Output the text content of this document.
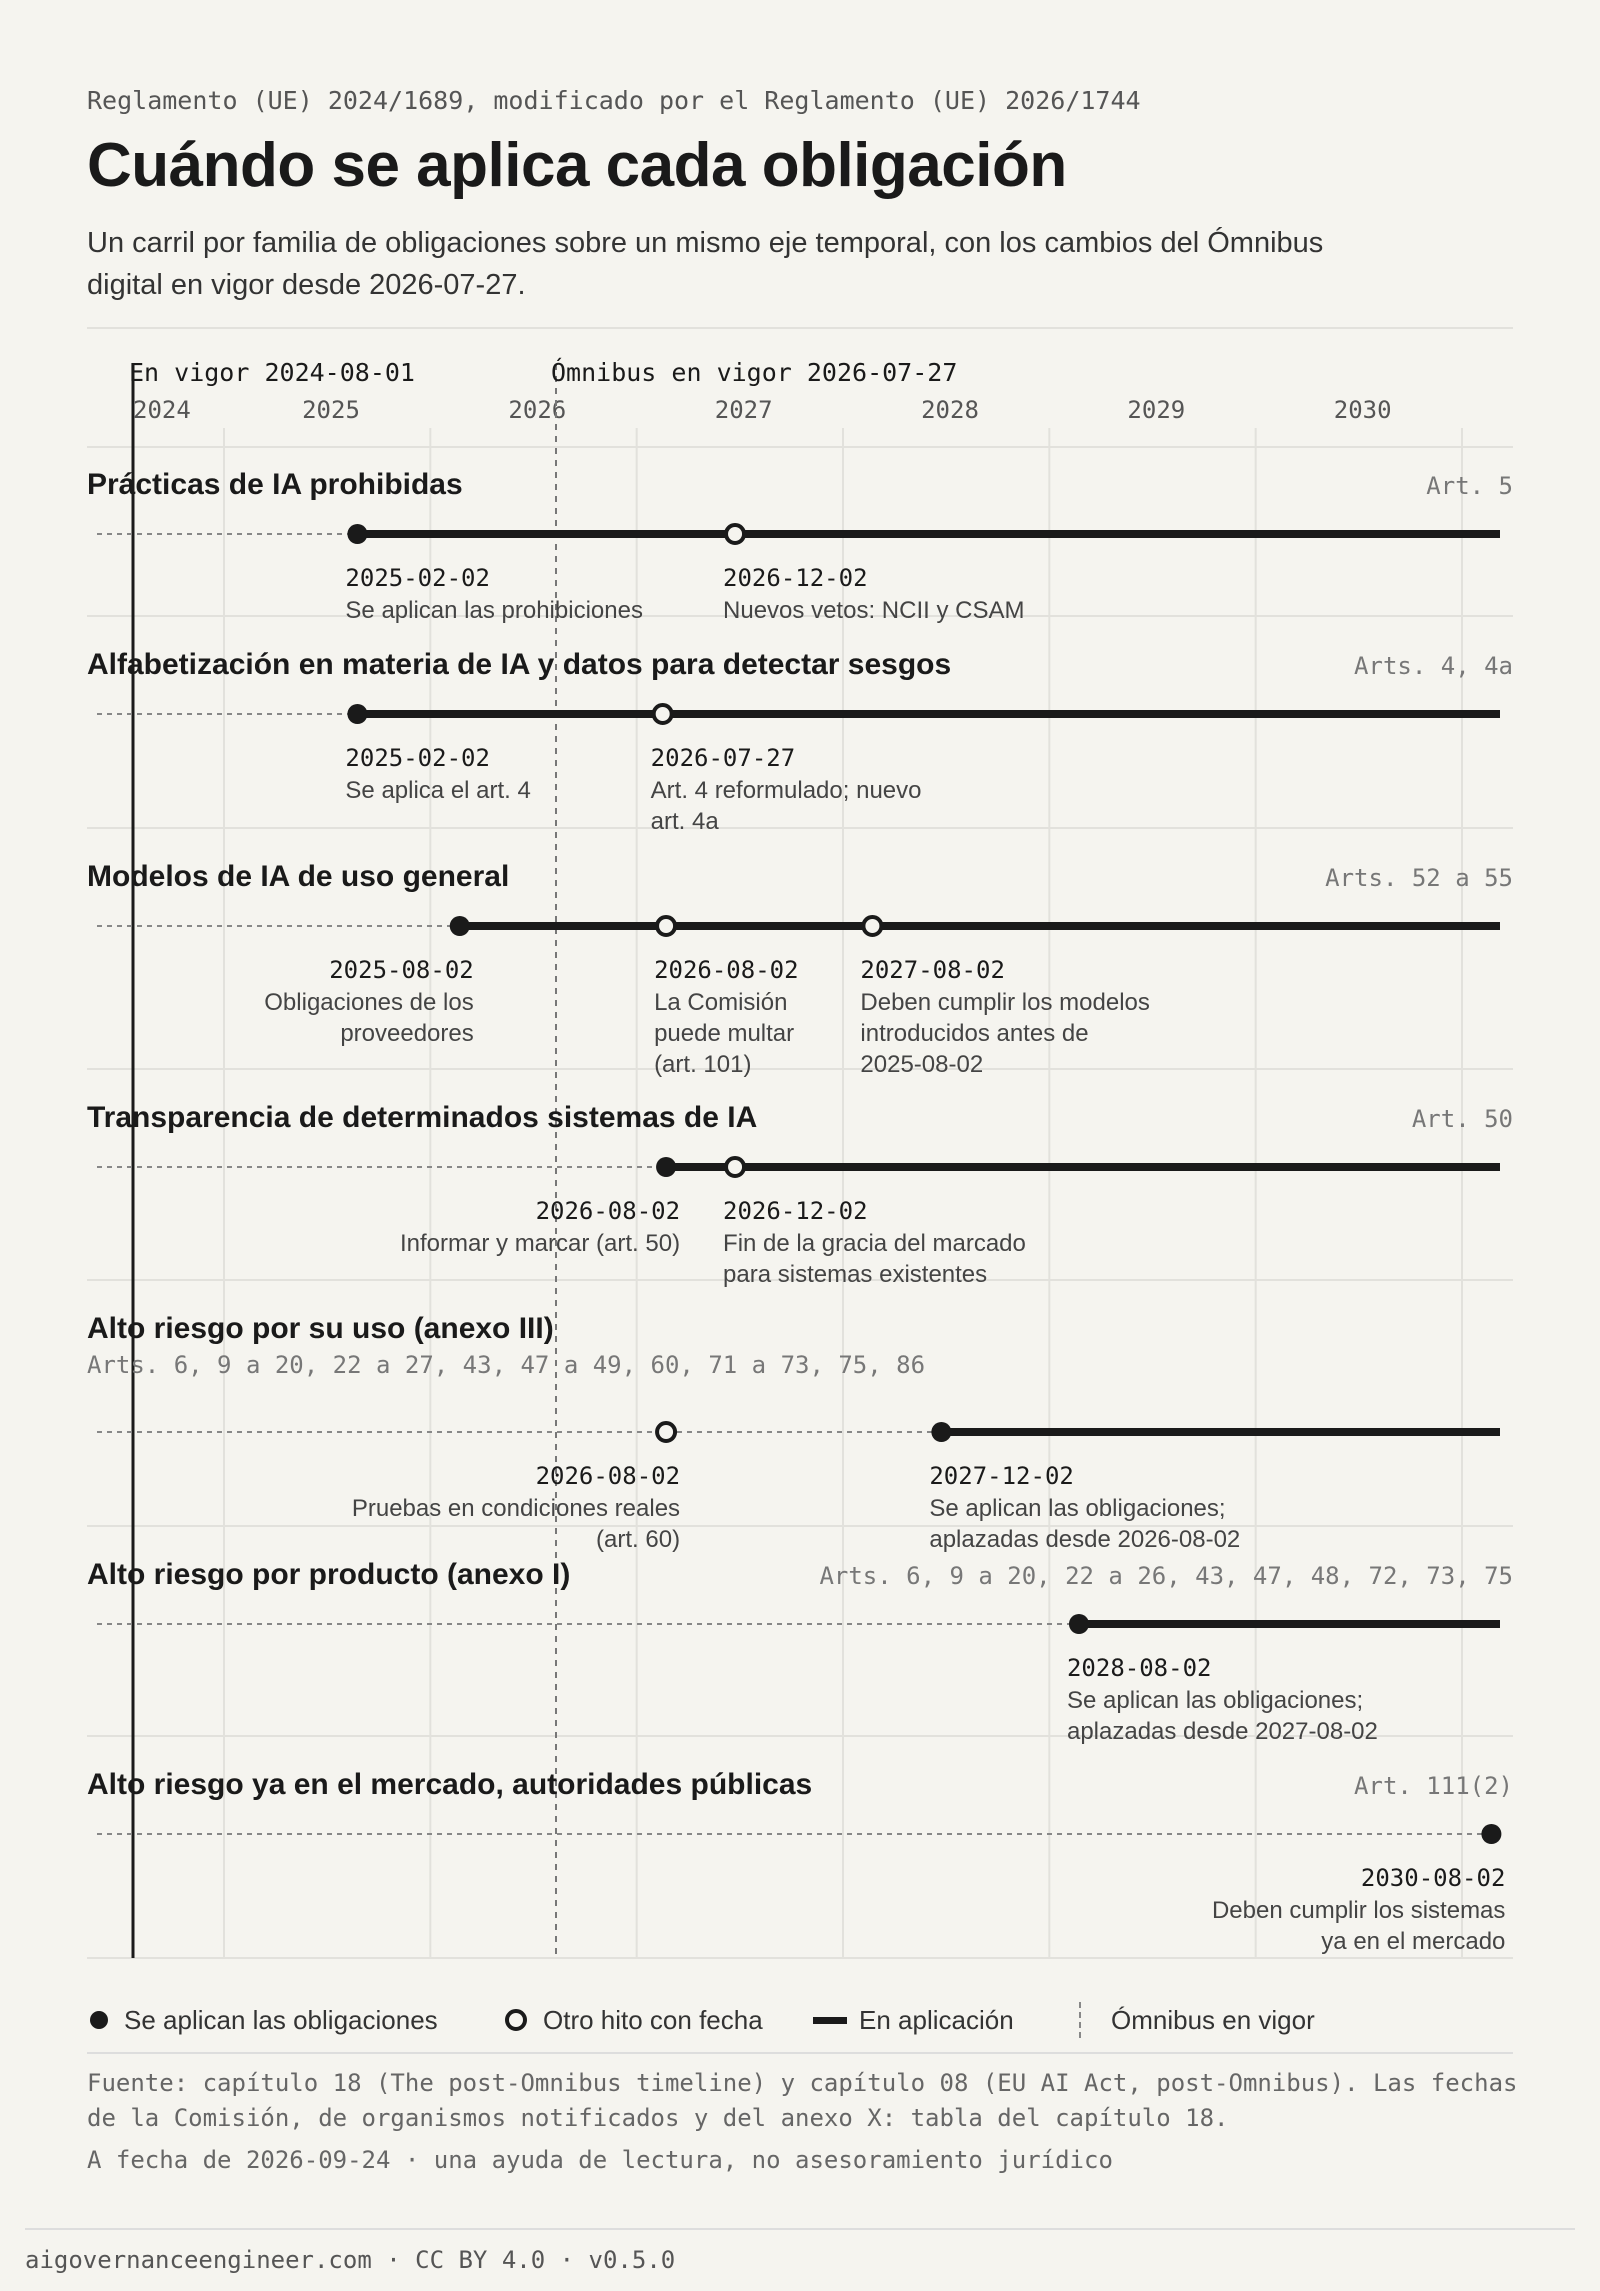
Reglamento (UE) 2024/1689, modificado por el Reglamento (UE) 2026/1744
Cuándo se aplica cada obligación

Un carril por familia de obligaciones sobre un mismo eje temporal, con los cambios del Ómnibus digital en vigor desde 2026-07-27.

2024	2025	2026	2027	2028	2029	2030
En vigor 2024-08-01	Ómnibus en vigor 2026-07-27
Prácticas de IA prohibidas	Art. 5
2025-02-02
Se aplican las prohibiciones
2026-12-02
Nuevos vetos: NCII y CSAM
Alfabetización en materia de IA y datos para detectar sesgos	Arts. 4, 4a
2025-02-02
Se aplica el art. 4
2026-07-27
Art. 4 reformulado; nuevo
art. 4a
Modelos de IA de uso general	Arts. 52 a 55
2025-08-02
Obligaciones de los
proveedores
2026-08-02
La Comisión
puede multar
(art. 101)
2027-08-02
Deben cumplir los modelos
introducidos antes de
2025-08-02
Transparencia de determinados sistemas de IA	Art. 50
2026-08-02
Informar y marcar (art. 50)
2026-12-02
Fin de la gracia del marcado
para sistemas existentes
Alto riesgo por su uso (anexo III)
Arts. 6, 9 a 20, 22 a 27, 43, 47 a 49, 60, 71 a 73, 75, 86
2026-08-02
Pruebas en condiciones reales
(art. 60)
2027-12-02
Se aplican las obligaciones;
aplazadas desde 2026-08-02
Alto riesgo por producto (anexo I)	Arts. 6, 9 a 20, 22 a 26, 43, 47, 48, 72, 73, 75
2028-08-02
Se aplican las obligaciones;
aplazadas desde 2027-08-02
Alto riesgo ya en el mercado, autoridades públicas	Art. 111(2)
2030-08-02
Deben cumplir los sistemas
ya en el mercado
Se aplican las obligaciones	Otro hito con fecha	En aplicación	Ómnibus en vigor

Fuente: capítulo 18 (The post-Omnibus timeline) y capítulo 08 (EU AI Act, post-Omnibus). Las fechas de la Comisión, de organismos notificados y del anexo X: tabla del capítulo 18.

A fecha de 2026-09-24 · una ayuda de lectura, no asesoramiento jurídico
aigovernanceengineer.com · CC BY 4.0 · v0.5.0
